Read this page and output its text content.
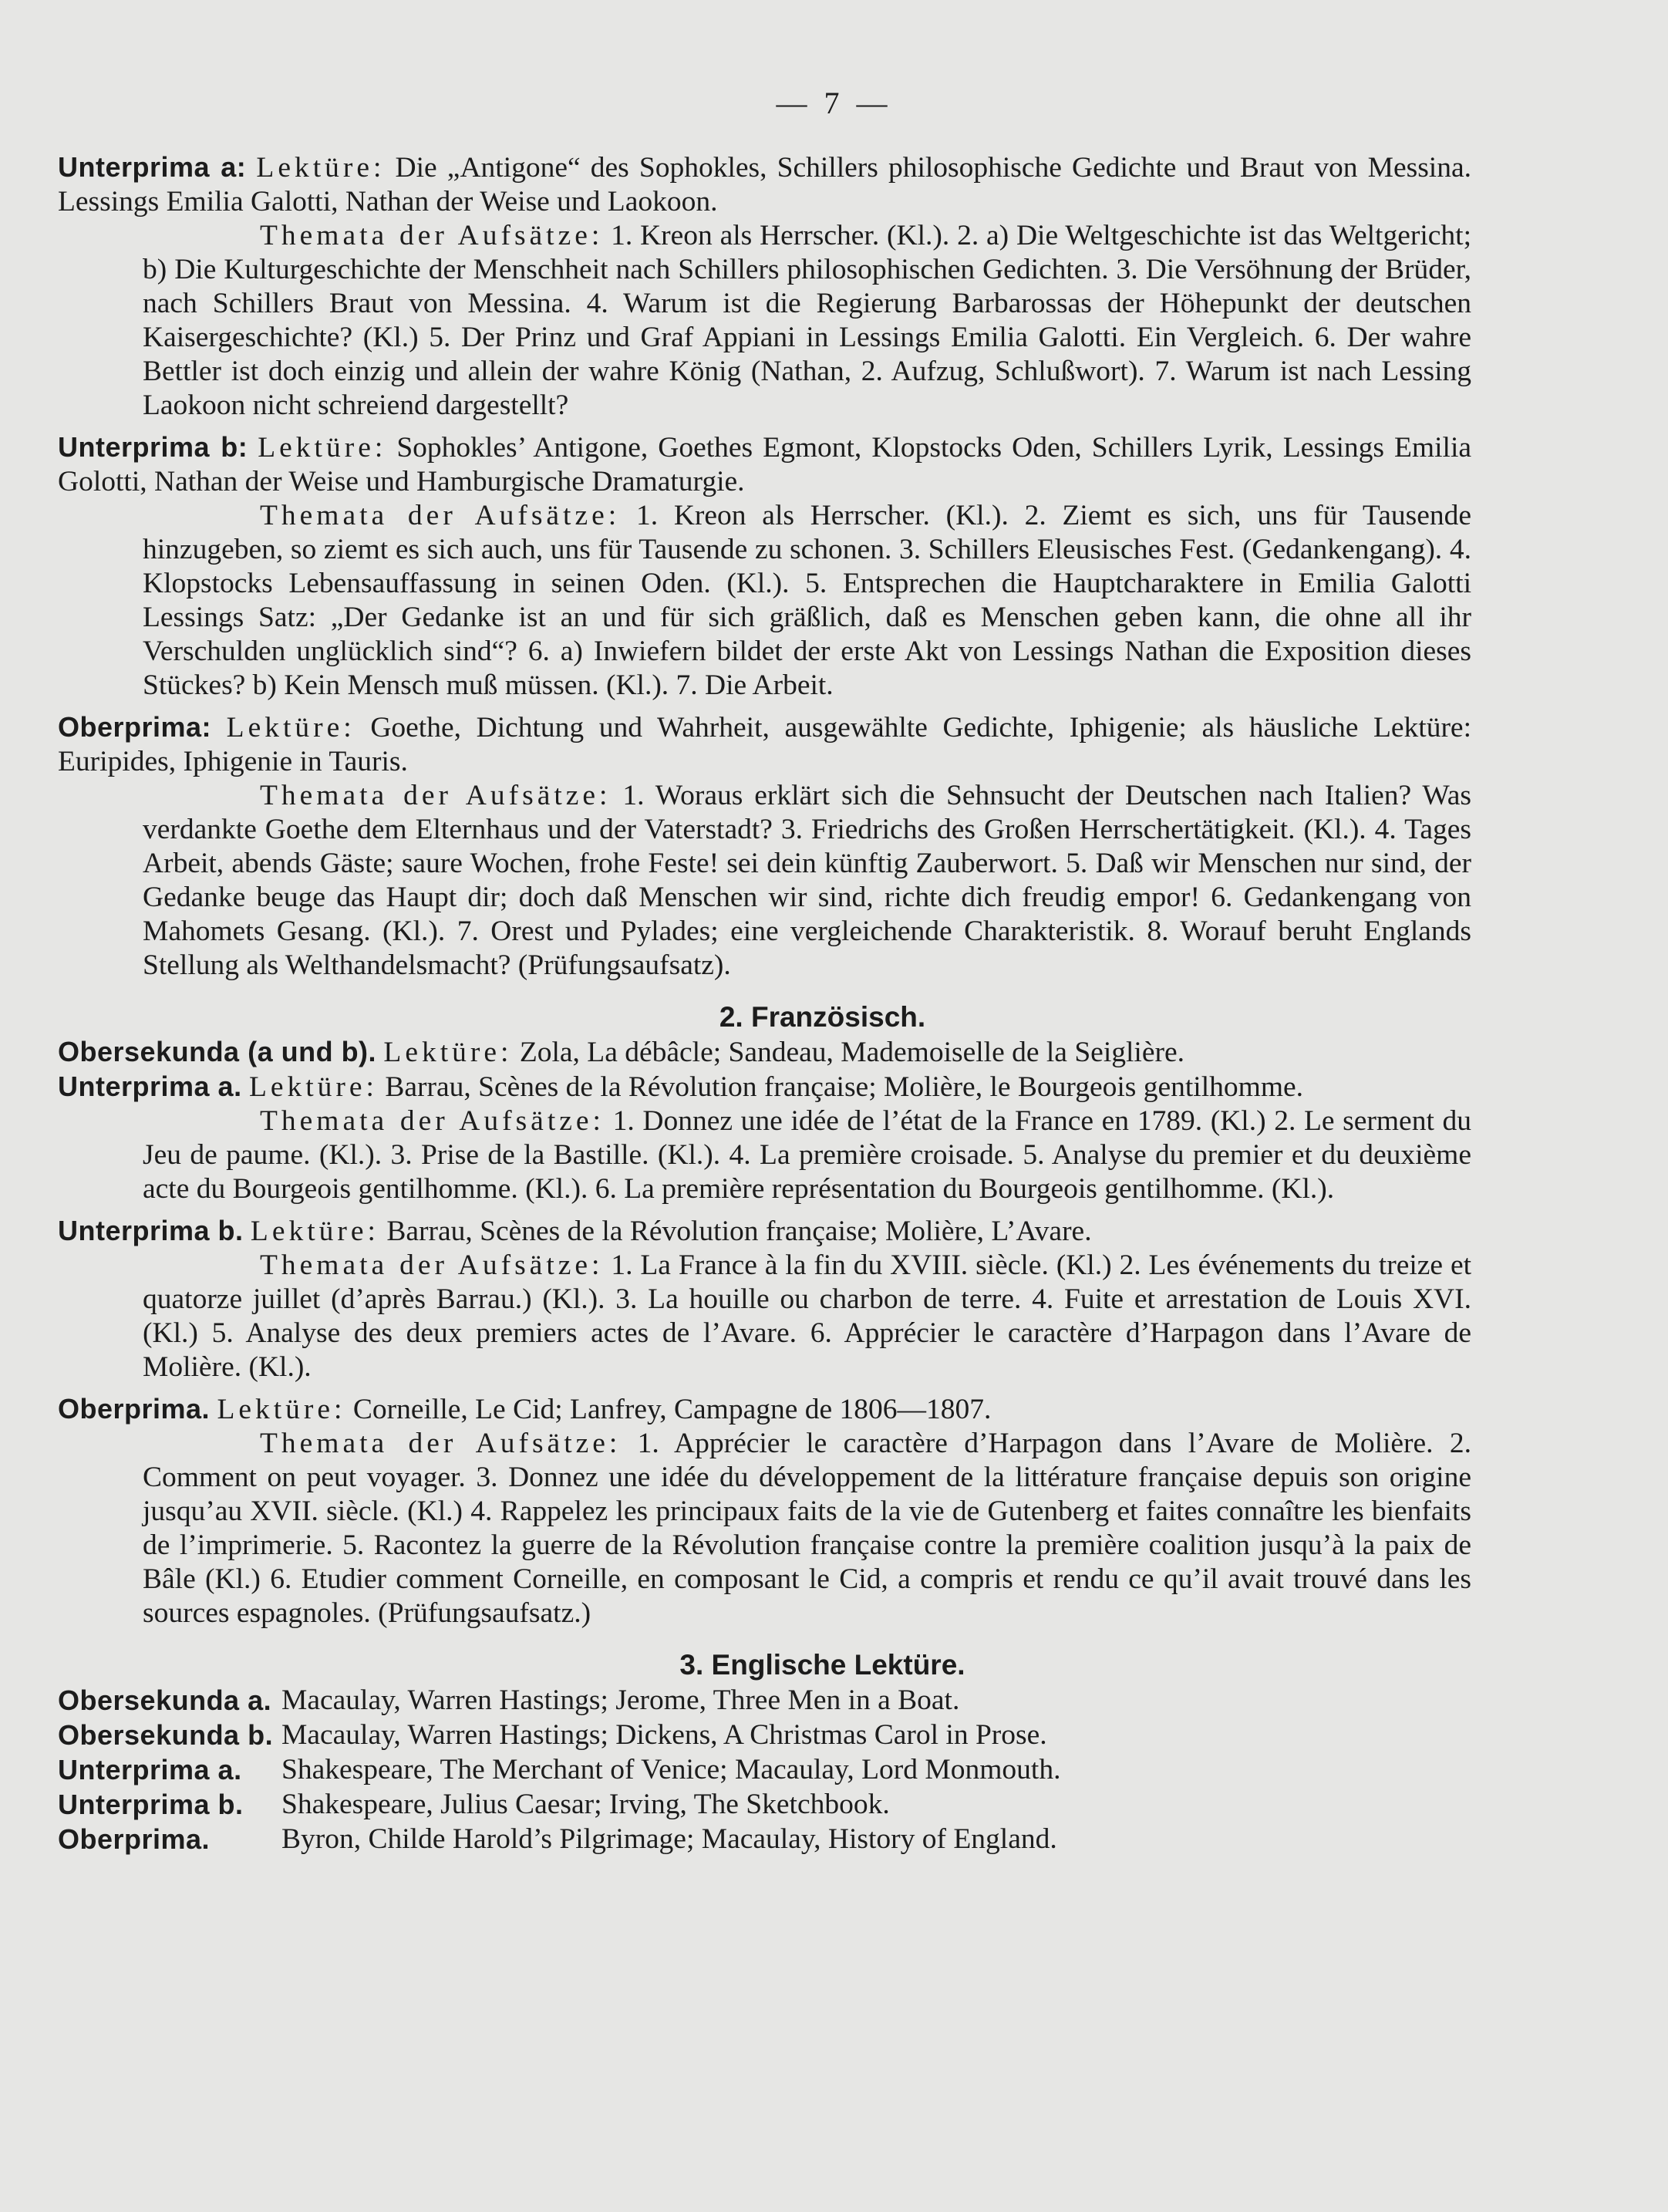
— 7 —

Unterprima a: Lektüre: Die „Antigone“ des Sophokles, Schillers philosophische Gedichte und Braut von Messina. Lessings Emilia Galotti, Nathan der Weise und Laokoon.

Themata der Aufsätze: 1. Kreon als Herrscher. (Kl.). 2. a) Die Weltgeschichte ist das Weltgericht; b) Die Kulturgeschichte der Menschheit nach Schillers philosophischen Gedichten. 3. Die Versöhnung der Brüder, nach Schillers Braut von Messina. 4. Warum ist die Regierung Barbarossas der Höhepunkt der deutschen Kaisergeschichte? (Kl.) 5. Der Prinz und Graf Appiani in Lessings Emilia Galotti. Ein Vergleich. 6. Der wahre Bettler ist doch einzig und allein der wahre König (Nathan, 2. Aufzug, Schlußwort). 7. Warum ist nach Lessing Laokoon nicht schreiend dargestellt?

Unterprima b: Lektüre: Sophokles’ Antigone, Goethes Egmont, Klopstocks Oden, Schillers Lyrik, Lessings Emilia Golotti, Nathan der Weise und Hamburgische Dramaturgie.

Themata der Aufsätze: 1. Kreon als Herrscher. (Kl.). 2. Ziemt es sich, uns für Tausende hinzugeben, so ziemt es sich auch, uns für Tausende zu schonen. 3. Schillers Eleusisches Fest. (Gedankengang). 4. Klopstocks Lebensauffassung in seinen Oden. (Kl.). 5. Entsprechen die Hauptcharaktere in Emilia Galotti Lessings Satz: „Der Gedanke ist an und für sich gräßlich, daß es Menschen geben kann, die ohne all ihr Verschulden unglücklich sind“? 6. a) Inwiefern bildet der erste Akt von Lessings Nathan die Exposition dieses Stückes? b) Kein Mensch muß müssen. (Kl.). 7. Die Arbeit.

Oberprima: Lektüre: Goethe, Dichtung und Wahrheit, ausgewählte Gedichte, Iphigenie; als häusliche Lektüre: Euripides, Iphigenie in Tauris.

Themata der Aufsätze: 1. Woraus erklärt sich die Sehnsucht der Deutschen nach Italien? Was verdankte Goethe dem Elternhaus und der Vaterstadt? 3. Friedrichs des Großen Herrschertätigkeit. (Kl.). 4. Tages Arbeit, abends Gäste; saure Wochen, frohe Feste! sei dein künftig Zauberwort. 5. Daß wir Menschen nur sind, der Gedanke beuge das Haupt dir; doch daß Menschen wir sind, richte dich freudig empor! 6. Gedankengang von Mahomets Gesang. (Kl.). 7. Orest und Pylades; eine vergleichende Charakteristik. 8. Worauf beruht Englands Stellung als Welthandelsmacht? (Prüfungsaufsatz).

2. Französisch.

Obersekunda (a und b). Lektüre: Zola, La débâcle; Sandeau, Mademoiselle de la Seiglière.

Unterprima a. Lektüre: Barrau, Scènes de la Révolution française; Molière, le Bourgeois gentilhomme.

Themata der Aufsätze: 1. Donnez une idée de l’état de la France en 1789. (Kl.) 2. Le serment du Jeu de paume. (Kl.). 3. Prise de la Bastille. (Kl.). 4. La première croisade. 5. Analyse du premier et du deuxième acte du Bourgeois gentilhomme. (Kl.). 6. La première représentation du Bourgeois gentilhomme. (Kl.).

Unterprima b. Lektüre: Barrau, Scènes de la Révolution française; Molière, L’Avare.

Themata der Aufsätze: 1. La France à la fin du XVIII. siècle. (Kl.) 2. Les événements du treize et quatorze juillet (d’après Barrau.) (Kl.). 3. La houille ou charbon de terre. 4. Fuite et arrestation de Louis XVI. (Kl.) 5. Analyse des deux premiers actes de l’Avare. 6. Apprécier le caractère d’Harpagon dans l’Avare de Molière. (Kl.).

Oberprima. Lektüre: Corneille, Le Cid; Lanfrey, Campagne de 1806—1807.

Themata der Aufsätze: 1. Apprécier le caractère d’Harpagon dans l’Avare de Molière. 2. Comment on peut voyager. 3. Donnez une idée du développement de la littérature française depuis son origine jusqu’au XVII. siècle. (Kl.) 4. Rappelez les principaux faits de la vie de Gutenberg et faites connaître les bienfaits de l’imprimerie. 5. Racontez la guerre de la Révolution française contre la première coalition jusqu’à la paix de Bâle (Kl.) 6. Etudier comment Corneille, en composant le Cid, a compris et rendu ce qu’il avait trouvé dans les sources espagnoles. (Prüfungsaufsatz.)

3. Englische Lektüre.
Obersekunda a. Macaulay, Warren Hastings; Jerome, Three Men in a Boat.
Obersekunda b. Macaulay, Warren Hastings; Dickens, A Christmas Carol in Prose.
Unterprima a.	Shakespeare, The Merchant of Venice; Macaulay, Lord Monmouth.
Unterprima b.	Shakespeare, Julius Caesar; Irving, The Sketchbook.
Oberprima.	Byron, Childe Harold’s Pilgrimage; Macaulay, History of England.
